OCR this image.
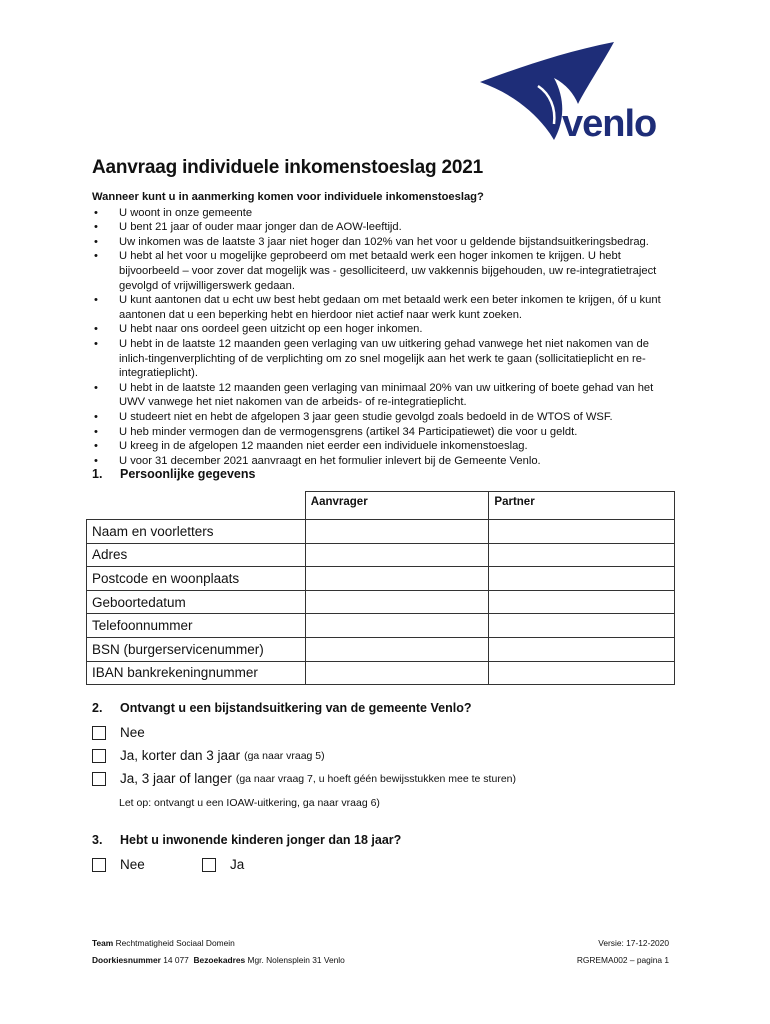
venlo
Aanvraag individuele inkomenstoeslag 2021
Wanneer kunt u in aanmerking komen voor individuele inkomenstoeslag?
• U woont in onze gemeente
• U bent 21 jaar of ouder maar jonger dan de AOW-leeftijd.
• Uw inkomen was de laatste 3 jaar niet hoger dan 102% van het voor u geldende bijstandsuitkeringsbedrag.
• U hebt al het voor u mogelijke geprobeerd om met betaald werk een hoger inkomen te krijgen. U hebt bijvoorbeeld – voor zover dat mogelijk was - gesolliciteerd, uw vakkennis bijgehouden, uw re-integratietraject gevolgd of vrijwilligerswerk gedaan.
• U kunt aantonen dat u echt uw best hebt gedaan om met betaald werk een beter inkomen te krijgen, óf u kunt aantonen dat u een beperking hebt en hierdoor niet actief naar werk kunt zoeken.
• U hebt naar ons oordeel geen uitzicht op een hoger inkomen.
• U hebt in de laatste 12 maanden geen verlaging van uw uitkering gehad vanwege het niet nakomen van de inlich-tingenverplichting of de verplichting om zo snel mogelijk aan het werk te gaan (sollicitatieplicht en re-integratieplicht).
• U hebt in de laatste 12 maanden geen verlaging van minimaal 20% van uw uitkering of boete gehad van het UWV vanwege het niet nakomen van de arbeids- of re-integratieplicht.
• U studeert niet en hebt de afgelopen 3 jaar geen studie gevolgd zoals bedoeld in de WTOS of WSF.
• U heb minder vermogen dan de vermogensgrens (artikel 34 Participatiewet) die voor u geldt.
• U kreeg in de afgelopen 12 maanden niet eerder een individuele inkomenstoeslag.
• U voor 31 december 2021 aanvraagt en het formulier inlevert bij de Gemeente Venlo.
1. Persoonlijke gegevens
	Aanvrager	Partner
Naam en voorletters		
Adres		
Postcode en woonplaats		
Geboortedatum		
Telefoonnummer		
BSN (burgerservicenummer)		
IBAN bankrekeningnummer		
2. Ontvangt u een bijstandsuitkering van de gemeente Venlo?
Nee
Ja, korter dan 3 jaar (ga naar vraag 5)
Ja, 3 jaar of langer (ga naar vraag 7, u hoeft géén bewijsstukken mee te sturen)
Let op: ontvangt u een IOAW-uitkering, ga naar vraag 6)
3. Hebt u inwonende kinderen jonger dan 18 jaar?
Nee	Ja
Team Rechtmatigheid Sociaal Domein	Versie: 17-12-2020
Doorkiesnummer 14 077 Bezoekadres Mgr. Nolensplein 31 Venlo	RGREMA002 – pagina 1
